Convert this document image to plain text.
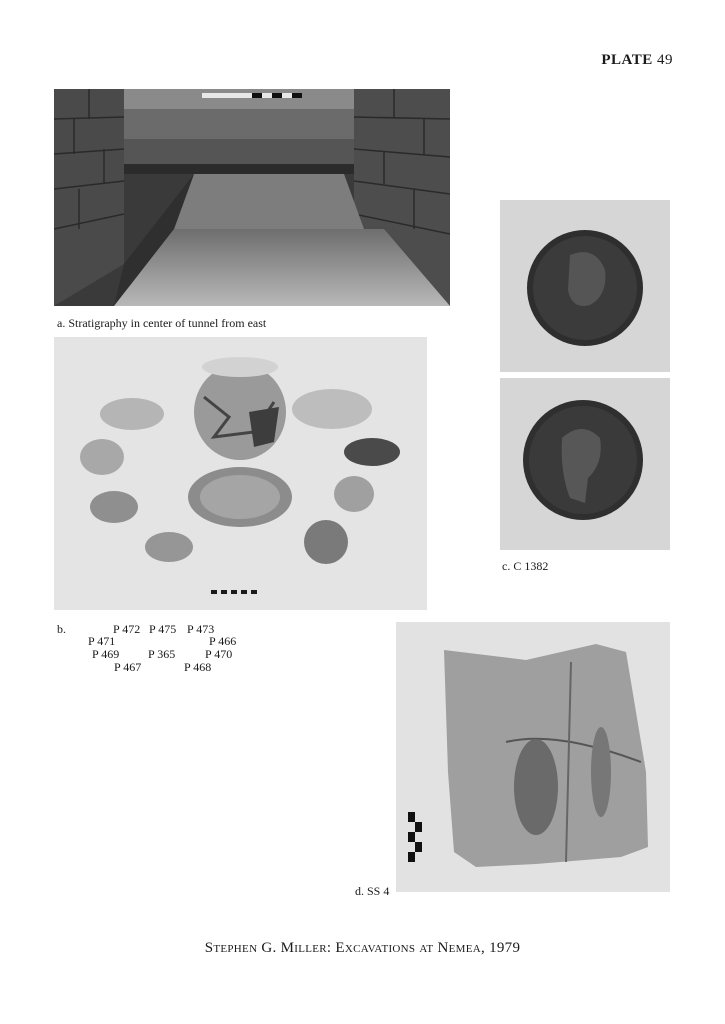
PLATE 49
a. Stratigraphy in center of tunnel from east
b.	P 472 P 475 P 473
P 471	P 466
P 469 P 365 P 470
P 467	P 468
c. C 1382
d. SS 4
Stephen G. Miller: Excavations at Nemea, 1979
